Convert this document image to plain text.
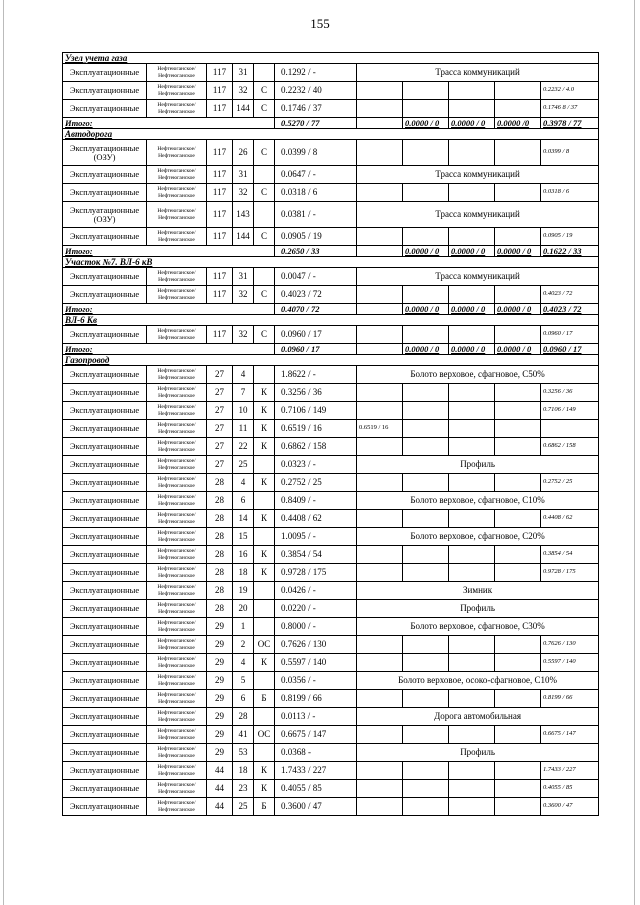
155
Узел учета газа										
Эксплуатационные	Нефтеюганское/ Нефтеюганское	117	31		0.1292 / -	Трасса коммуникаций				
Эксплуатационные	Нефтеюганское/ Нефтеюганское	117	32	С	0.2232 / 40					0.2232 / 4.0
Эксплуатационные	Нефтеюганское/ Нефтеюганское	117	144	С	0.1746 / 37					0.1746 8 / 37
Итого:					0.5270 / 77		0.0000 / 0	0.0000 / 0	0.0000 /0	0.3978 / 77
Автодорога										
Эксплуатационные (ОЗУ)	Нефтеюганское/ Нефтеюганское	117	26	С	0.0399 / 8					0.0399 / 8
Эксплуатационные	Нефтеюганское/ Нефтеюганское	117	31		0.0647 / -	Трасса коммуникаций				
Эксплуатационные	Нефтеюганское/ Нефтеюганское	117	32	С	0.0318 / 6					0.0318 / 6
Эксплуатационные (ОЗУ)	Нефтеюганское/ Нефтеюганское	117	143		0.0381 / -	Трасса коммуникаций				
Эксплуатационные	Нефтеюганское/ Нефтеюганское	117	144	С	0.0905 / 19					0.0905 / 19
Итого:					0.2650 / 33		0.0000 / 0	0.0000 / 0	0.0000 / 0	0.1622 / 33
Участок №7. ВЛ-6 кВ										
Эксплуатационные	Нефтеюганское/ Нефтеюганское	117	31		0.0047 / -	Трасса коммуникаций				
Эксплуатационные	Нефтеюганское/ Нефтеюганское	117	32	С	0.4023 / 72					0.4023 / 72
Итого:					0.4070 / 72		0.0000 / 0	0.0000 / 0	0.0000 / 0	0.4023 / 72
ВЛ-6 Кв										
Эксплуатационные	Нефтеюганское/ Нефтеюганское	117	32	С	0.0960 / 17					0.0960 / 17
Итого:					0.0960 / 17		0.0000 / 0	0.0000 / 0	0.0000 / 0	0.0960 / 17
Газопровод										
Эксплуатационные	Нефтеюганское/ Нефтеюганское	27	4		1.8622 / -	Болото верховое, сфагновое, С50%				
Эксплуатационные	Нефтеюганское/ Нефтеюганское	27	7	К	0.3256 / 36					0.3256 / 36
Эксплуатационные	Нефтеюганское/ Нефтеюганское	27	10	К	0.7106 / 149					0.7106 / 149
Эксплуатационные	Нефтеюганское/ Нефтеюганское	27	11	К	0.6519 / 16	0.6519 / 16				
Эксплуатационные	Нефтеюганское/ Нефтеюганское	27	22	К	0.6862 / 158					0.6862 / 158
Эксплуатационные	Нефтеюганское/ Нефтеюганское	27	25		0.0323 / -	Профиль				
Эксплуатационные	Нефтеюганское/ Нефтеюганское	28	4	К	0.2752 / 25					0.2752 / 25
Эксплуатационные	Нефтеюганское/ Нефтеюганское	28	6		0.8409 / -	Болото верховое, сфагновое, С10%				
Эксплуатационные	Нефтеюганское/ Нефтеюганское	28	14	К	0.4408 / 62					0.4408 / 62
Эксплуатационные	Нефтеюганское/ Нефтеюганское	28	15		1.0095 / -	Болото верховое, сфагновое, С20%				
Эксплуатационные	Нефтеюганское/ Нефтеюганское	28	16	К	0.3854 / 54					0.3854 / 54
Эксплуатационные	Нефтеюганское/ Нефтеюганское	28	18	К	0.9728 / 175					0.9728 / 175
Эксплуатационные	Нефтеюганское/ Нефтеюганское	28	19		0.0426 / -	Зимник				
Эксплуатационные	Нефтеюганское/ Нефтеюганское	28	20		0.0220 / -	Профиль				
Эксплуатационные	Нефтеюганское/ Нефтеюганское	29	1		0.8000 / -	Болото верховое, сфагновое, С30%				
Эксплуатационные	Нефтеюганское/ Нефтеюганское	29	2	ОС	0.7626 / 130					0.7626 / 130
Эксплуатационные	Нефтеюганское/ Нефтеюганское	29	4	К	0.5597 / 140					0.5597 / 140
Эксплуатационные	Нефтеюганское/ Нефтеюганское	29	5		0.0356 / -	Болото верховое, осоко-сфагновое, С10%				
Эксплуатационные	Нефтеюганское/ Нефтеюганское	29	6	Б	0.8199 / 66					0.8199 / 66
Эксплуатационные	Нефтеюганское/ Нефтеюганское	29	28		0.0113 / -	Дорога автомобильная				
Эксплуатационные	Нефтеюганское/ Нефтеюганское	29	41	ОС	0.6675 / 147					0.6675 / 147
Эксплуатационные	Нефтеюганское/ Нефтеюганское	29	53		0.0368 -	Профиль				
Эксплуатационные	Нефтеюганское/ Нефтеюганское	44	18	К	1.7433 / 227					1.7433 / 227
Эксплуатационные	Нефтеюганское/ Нефтеюганское	44	23	К	0.4055 / 85					0.4055 / 85
Эксплуатационные	Нефтеюганское/ Нефтеюганское	44	25	Б	0.3600 / 47					0.3600 / 47
